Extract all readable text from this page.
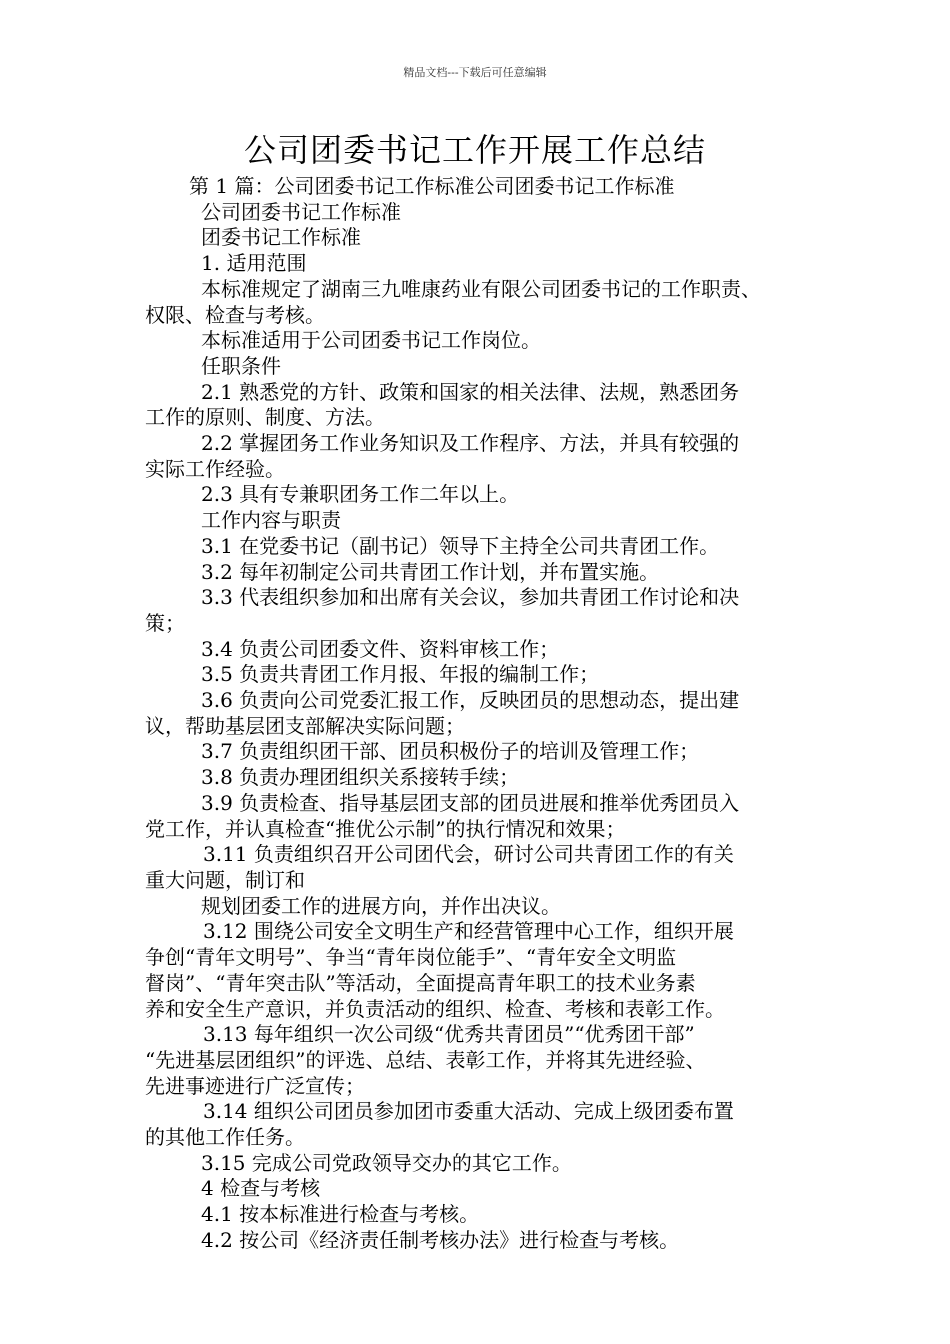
精品文档---下载后可任意编辑
公司团委书记工作开展工作总结

第 1 篇：公司团委书记工作标准公司团委书记工作标准

公司团委书记工作标准

团委书记工作标准

1. 适用范围

本标准规定了湖南三九唯康药业有限公司团委书记的工作职责、

权限、检查与考核。

本标准适用于公司团委书记工作岗位。

任职条件

2.1 熟悉党的方针、政策和国家的相关法律、法规，熟悉团务

工作的原则、制度、方法。

2.2 掌握团务工作业务知识及工作程序、方法，并具有较强的

实际工作经验。

2.3 具有专兼职团务工作二年以上。

工作内容与职责

3.1 在党委书记（副书记）领导下主持全公司共青团工作。

3.2 每年初制定公司共青团工作计划，并布置实施。

3.3 代表组织参加和出席有关会议，参加共青团工作讨论和决

策；

3.4 负责公司团委文件、资料审核工作；

3.5 负责共青团工作月报、年报的编制工作；

3.6 负责向公司党委汇报工作，反映团员的思想动态，提出建

议，帮助基层团支部解决实际问题；

3.7 负责组织团干部、团员积极份子的培训及管理工作；

3.8 负责办理团组织关系接转手续；

3.9 负责检查、指导基层团支部的团员进展和推举优秀团员入

党工作，并认真检查“推优公示制”的执行情况和效果；

3.11 负责组织召开公司团代会，研讨公司共青团工作的有关

重大问题，制订和

规划团委工作的进展方向，并作出决议。

3.12 围绕公司安全文明生产和经营管理中心工作，组织开展

争创“青年文明号”、争当“青年岗位能手”、“青年安全文明监

督岗”、“青年突击队”等活动，全面提高青年职工的技术业务素

养和安全生产意识，并负责活动的组织、检查、考核和表彰工作。

3.13 每年组织一次公司级“优秀共青团员”“优秀团干部”

“先进基层团组织”的评选、总结、表彰工作，并将其先进经验、

先进事迹进行广泛宣传；

3.14 组织公司团员参加团市委重大活动、完成上级团委布置

的其他工作任务。

3.15 完成公司党政领导交办的其它工作。

4 检查与考核

4.1 按本标准进行检查与考核。

4.2 按公司《经济责任制考核办法》进行检查与考核。
